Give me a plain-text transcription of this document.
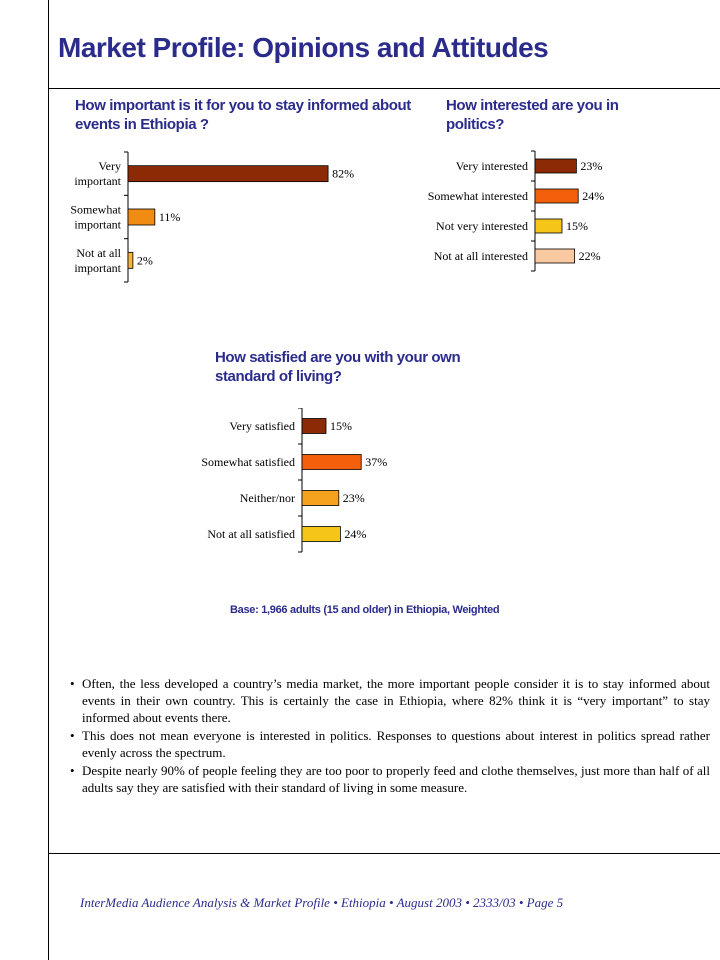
Market Profile: Opinions and Attitudes
How important is it for you to stay informed about events in Ethiopia ?
How interested are you in politics?
How satisfied are you with your own standard of living?
82%
Very
important
11%
Somewhat
important
2%
Not at all
important
23%
Very interested
24%
Somewhat interested
15%
Not very interested
22%
Not at all interested
15%
Very satisfied
37%
Somewhat satisfied
23%
Neither/nor
24%
Not at all satisfied
Base: 1,966 adults (15 and older) in Ethiopia, Weighted
• Often, the less developed a country’s media market, the more important people consider it is to stay informed about events in their own country. This is certainly the case in Ethiopia, where 82% think it is “very important” to stay informed about events there.
• This does not mean everyone is interested in politics. Responses to questions about interest in politics spread rather evenly across the spectrum.
• Despite nearly 90% of people feeling they are too poor to properly feed and clothe themselves, just more than half of all adults say they are satisfied with their standard of living in some measure.
InterMedia Audience Analysis & Market Profile • Ethiopia • August 2003 • 2333/03 • Page 5
